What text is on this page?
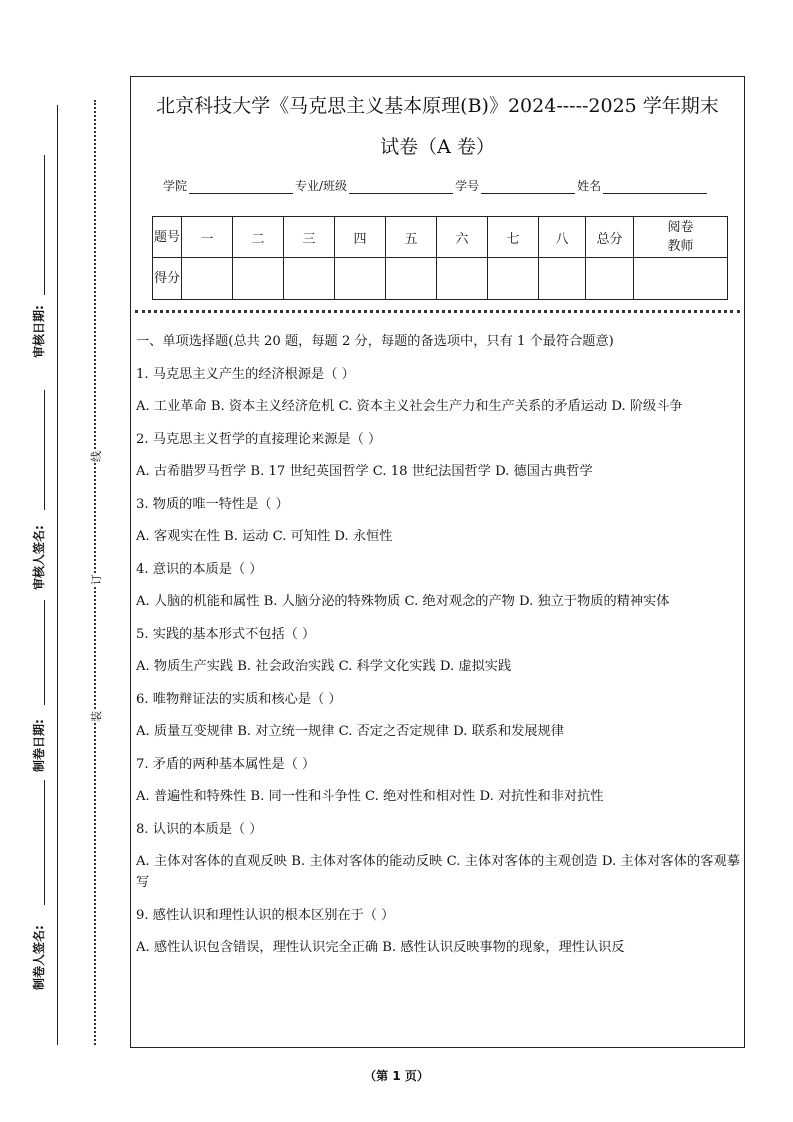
审核日期:
审核人签名:
制卷日期:
制卷人签名:
线
订
装
北京科技大学《马克思主义基本原理(B)》2024-----2025 学年期末
试卷（A 卷）
学院	专业/班级	学号	姓名
题号	一	二	三	四	五	六	七	八	总分	阅卷教师
得分										

一、单项选择题(总共 20 题，每题 2 分，每题的备选项中，只有 1 个最符合题意)

1. 马克思主义产生的经济根源是（ ）

A. 工业革命 B. 资本主义经济危机 C. 资本主义社会生产力和生产关系的矛盾运动 D. 阶级斗争

2. 马克思主义哲学的直接理论来源是（ ）

A. 古希腊罗马哲学 B. 17 世纪英国哲学 C. 18 世纪法国哲学 D. 德国古典哲学

3. 物质的唯一特性是（ ）

A. 客观实在性 B. 运动 C. 可知性 D. 永恒性

4. 意识的本质是（ ）

A. 人脑的机能和属性 B. 人脑分泌的特殊物质 C. 绝对观念的产物 D. 独立于物质的精神实体

5. 实践的基本形式不包括（ ）

A. 物质生产实践 B. 社会政治实践 C. 科学文化实践 D. 虚拟实践

6. 唯物辩证法的实质和核心是（ ）

A. 质量互变规律 B. 对立统一规律 C. 否定之否定规律 D. 联系和发展规律

7. 矛盾的两种基本属性是（ ）

A. 普遍性和特殊性 B. 同一性和斗争性 C. 绝对性和相对性 D. 对抗性和非对抗性

8. 认识的本质是（ ）

A. 主体对客体的直观反映 B. 主体对客体的能动反映 C. 主体对客体的主观创造 D. 主体对客体的客观摹写

9. 感性认识和理性认识的根本区别在于（ ）

A. 感性认识包含错误，理性认识完全正确 B. 感性认识反映事物的现象，理性认识反

（第 1 页）
